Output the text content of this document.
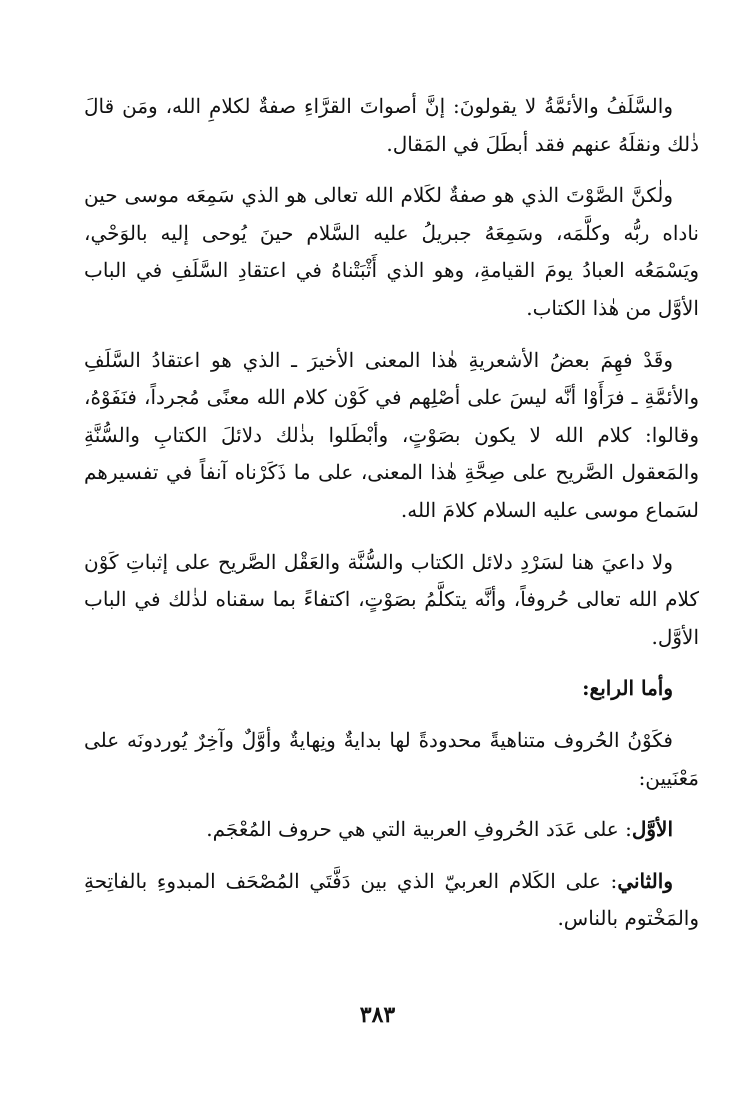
والسَّلَفُ والأئمَّةُ لا يقولونَ: إنَّ أصواتَ القرَّاءِ صفةٌ لكلامِ الله، ومَن قالَ ذٰلك ونقلَهُ عنهم فقد أبطَلَ في المَقال.

ولٰكنَّ الصَّوْتَ الذي هو صفةٌ لكَلام الله تعالى هو الذي سَمِعَه موسى حين ناداه ربُّه وكلَّمَه، وسَمِعَهُ جبريلُ عليه السَّلام حينَ يُوحى إليه بالوَحْي، ويَسْمَعُه العبادُ يومَ القيامةِ، وهو الذي أَثْبَتْناهُ في اعتقادِ السَّلَفِ في الباب الأوَّل من هٰذا الكتاب.

وقَدْ فهِمَ بعضُ الأشعريةِ هٰذا المعنى الأخيرَ ـ الذي هو اعتقادُ السَّلَفِ والأئمَّةِ ـ فرَأَوْا أنَّه ليسَ على أصْلِهم في كَوْن كلام الله معنًى مُجرداً، فنَفَوْهُ، وقالوا: كلام الله لا يكون بصَوْتٍ، وأبْطَلوا بذٰلك دلائلَ الكتابِ والسُّنَّةِ والمَعقول الصَّريح على صِحَّةِ هٰذا المعنى، على ما ذَكَرْناه آنفاً في تفسيرهم لسَماع موسى عليه السلام كلامَ الله.

ولا داعيَ هنا لسَرْدِ دلائل الكتاب والسُّنَّة والعَقْل الصَّريح على إثباتِ كَوْن كلام الله تعالى حُروفاً، وأنَّه يتكلَّمُ بصَوْتٍ، اكتفاءً بما سقناه لذٰلك في الباب الأوَّل.

وأما الرابع:

فكَوْنُ الحُروف متناهيةً محدودةً لها بدايةٌ ونِهايةٌ وأوَّلٌ وآخِرٌ يُوردونَه على مَعْنَيين:

الأوَّل: على عَدَد الحُروفِ العربية التي هي حروف المُعْجَم.

والثاني: على الكَلام العربيّ الذي بين دَفَّتَي المُصْحَف المبدوءِ بالفاتِحةِ والمَخْتوم بالناس.

٣٨٣
